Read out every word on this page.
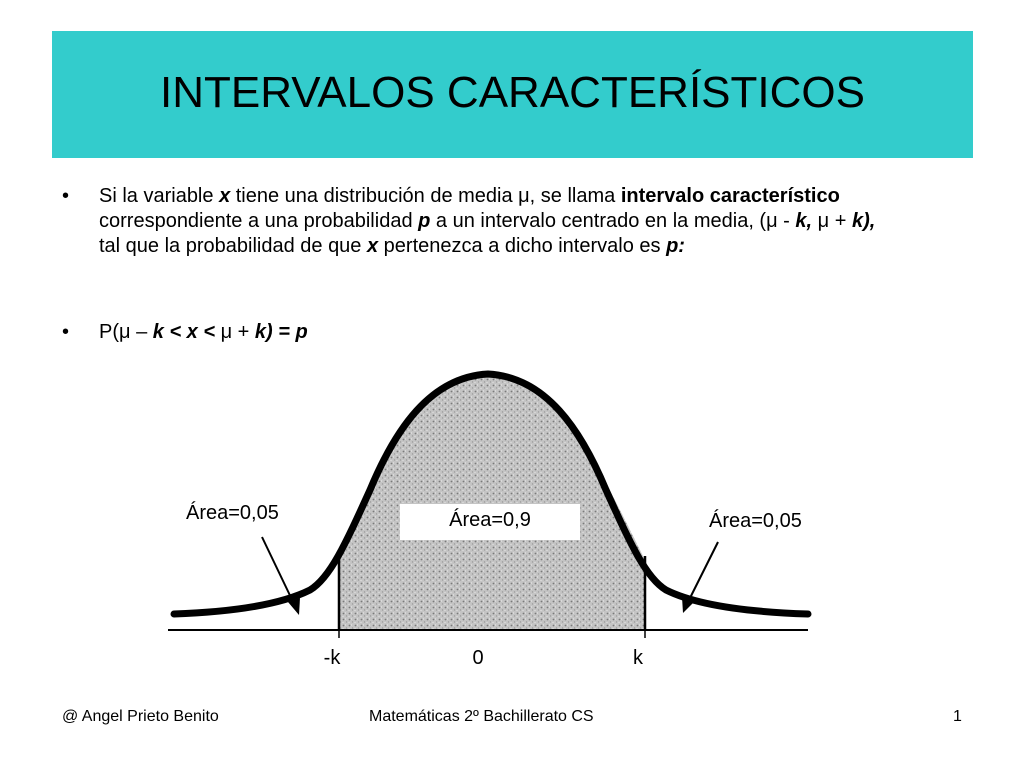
INTERVALOS CARACTERÍSTICOS
• Si la variable x tiene una distribución de media μ, se llama intervalo característico correspondiente a una probabilidad p a un intervalo centrado en la media, (μ - k, μ + k), tal que la probabilidad de que x pertenezca a dicho intervalo es p:
• P(μ – k < x < μ + k) = p
Área=0,9
Área=0,05	Área=0,05
-k	0	k
@ Angel Prieto Benito	Matemáticas 2º Bachillerato CS	1
